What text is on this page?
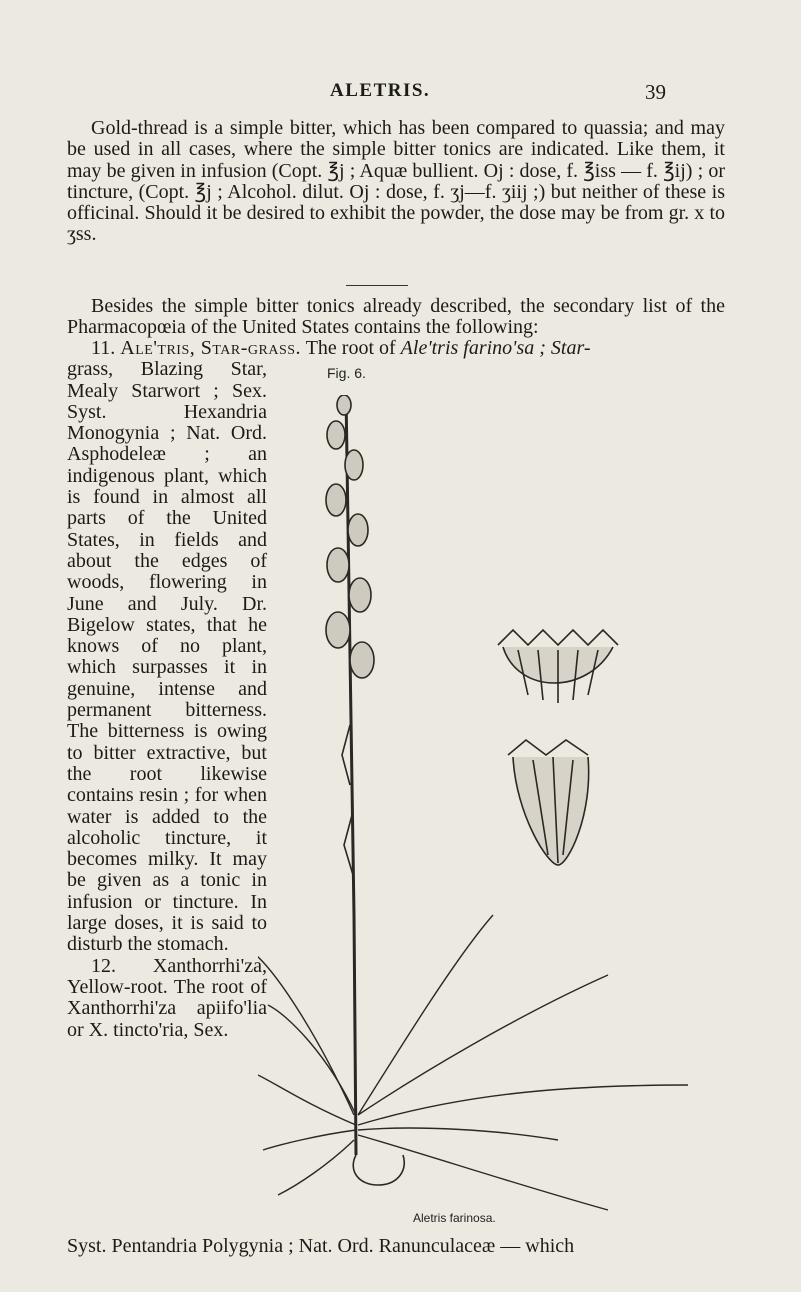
ALETRIS.	39

Gold-thread is a simple bitter, which has been compared to quassia; and may be used in all cases, where the simple bitter tonics are indicated. Like them, it may be given in infusion (Copt. ℥j ; Aquæ bullient. Oj : dose, f. ℥iss — f. ℥ij) ; or tincture, (Copt. ℥j ; Alcohol. dilut. Oj : dose, f. ʒj—f. ʒiij ;) but neither of these is officinal. Should it be desired to exhibit the powder, the dose may be from gr. x to ʒss.

Besides the simple bitter tonics already described, the secondary list of the Pharmacopœia of the United States contains the following:

11. Ale'tris, Star-grass. The root of Ale'tris farino'sa ; Star-

grass, Blazing Star, Mealy Starwort ; Sex. Syst. Hexandria Monogynia ; Nat. Ord. Asphodeleæ ; an indigenous plant, which is found in almost all parts of the United States, in fields and about the edges of woods, flowering in June and July. Dr. Bigelow states, that he knows of no plant, which surpasses it in genuine, intense and permanent bitterness. The bitterness is owing to bitter extractive, but the root likewise contains resin ; for when water is added to the alcoholic tincture, it becomes milky. It may be given as a tonic in infusion or tincture. In large doses, it is said to disturb the stomach.

12. Xanthorrhi'za, Yellow-root. The root of Xanthorrhi'za apiifo'lia or X. tincto'ria, Sex.

Syst. Pentandria Polygynia ; Nat. Ord. Ranunculaceæ — which
Fig. 6.
Aletris farinosa.
